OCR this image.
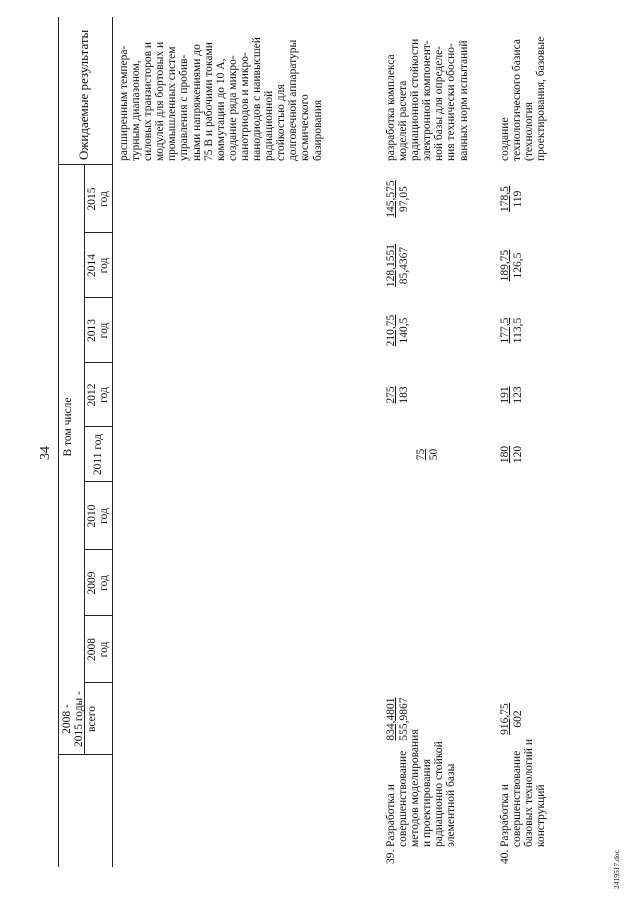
34
2008 - 2015 годы - всего
В том числе
2008 год
2009 год
2010 год
2011 год
2012 год
2013 год
2014 год
2015 год
Ожидаемые результаты расширенным темпера-
турным диапазоном,
силовых транзисторов и
модулей для бортовых и
промышленных систем
управления с пробив-
ными напряжениями до
75 В и рабочими токами
коммутации до 10 А,
создание ряда микро-
нанотриодов и микро-
нанодиодов с наивысшей
радиационной
стойкостью для
долговечной аппаратуры
космического
базирования
39.
Разработка и
совершенствование
методов моделирования
и проектирования
радиационно стойкой
элементной базы
834,4801 555,9867
75 50
275 183
210,75 140,5
128,1551 85,4367
145,575 97,05
разработка комплекса
моделей расчета
радиационной стойкости
электронной компонент-
ной базы для определе-
ния технически обосно-
ванных норм испытаний
40.
Разработка и
совершенствование
базовых технологий и
конструкций
916,75 602
180 120
191 123
177,5 113,5
189,75 126,5
178,5 119
создание
технологического базиса
(технология
проектирования, базовые
2419517.doc
